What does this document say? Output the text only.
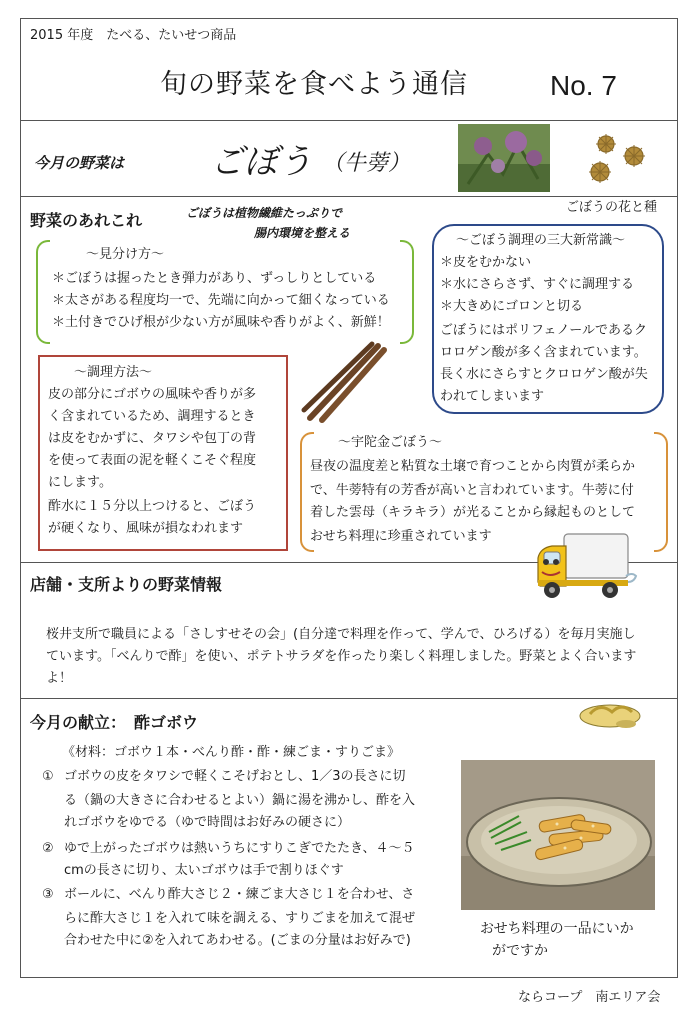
2015 年度　たべる、たいせつ商品
旬の野菜を食べよう通信	No. 7
今月の野菜は	ごぼう （牛蒡）
ごぼうの花と種
野菜のあれこれ	ごぼうは植物繊維たっぷりで
腸内環境を整える
～見分け方～
＊ごぼうは握ったとき弾力があり、ずっしりとしている
＊太さがある程度均一で、先端に向かって細くなっている
＊土付きでひげ根が少ない方が風味や香りがよく、新鮮！
～調理方法～
皮の部分にゴボウの風味や香りが多
く含まれているため、調理するとき
は皮をむかずに、タワシや包丁の背
を使って表面の泥を軽くこそぐ程度
にします。
酢水に１５分以上つけると、ごぼう
が硬くなり、風味が損なわれます
～ごぼう調理の三大新常識～
＊皮をむかない
＊水にさらさず、すぐに調理する
＊大きめにゴロンと切る
ごぼうにはポリフェノールであるク
ロロゲン酸が多く含まれています。
長く水にさらすとクロロゲン酸が失
われてしまいます
～宇陀金ごぼう～
昼夜の温度差と粘質な土壌で育つことから肉質が柔らか
で、牛蒡特有の芳香が高いと言われています。牛蒡に付
着した雲母（キラキラ）が光ることから縁起ものとして
おせち料理に珍重されています
店舗・支所よりの野菜情報
桜井支所で職員による「さしすせその会」(自分達で料理を作って、学んで、ひろげる）を毎月実施し
ています。「べんりで酢」を使い、ポテトサラダを作ったり楽しく料理しました。野菜とよく合います
よ！
今月の献立：　酢ゴボウ
《材料：ゴボウ１本・べんり酢・酢・練ごま・すりごま》
① ゴボウの皮をタワシで軽くこそげおとし、1／3の長さに切
る（鍋の大きさに合わせるとよい）鍋に湯を沸かし、酢を入
れゴボウをゆでる（ゆで時間はお好みの硬さに）
② ゆで上がったゴボウは熱いうちにすりこぎでたたき、４～５
cmの長さに切り、太いゴボウは手で割りほぐす
③ ボールに、べんり酢大さじ２・練ごま大さじ１を合わせ、さ
らに酢大さじ１を入れて味を調える、すりごまを加えて混ぜ
合わせた中に②を入れてあわせる。(ごまの分量はお好みで)
おせち料理の一品にいか
がですか
ならコープ　南エリア会
